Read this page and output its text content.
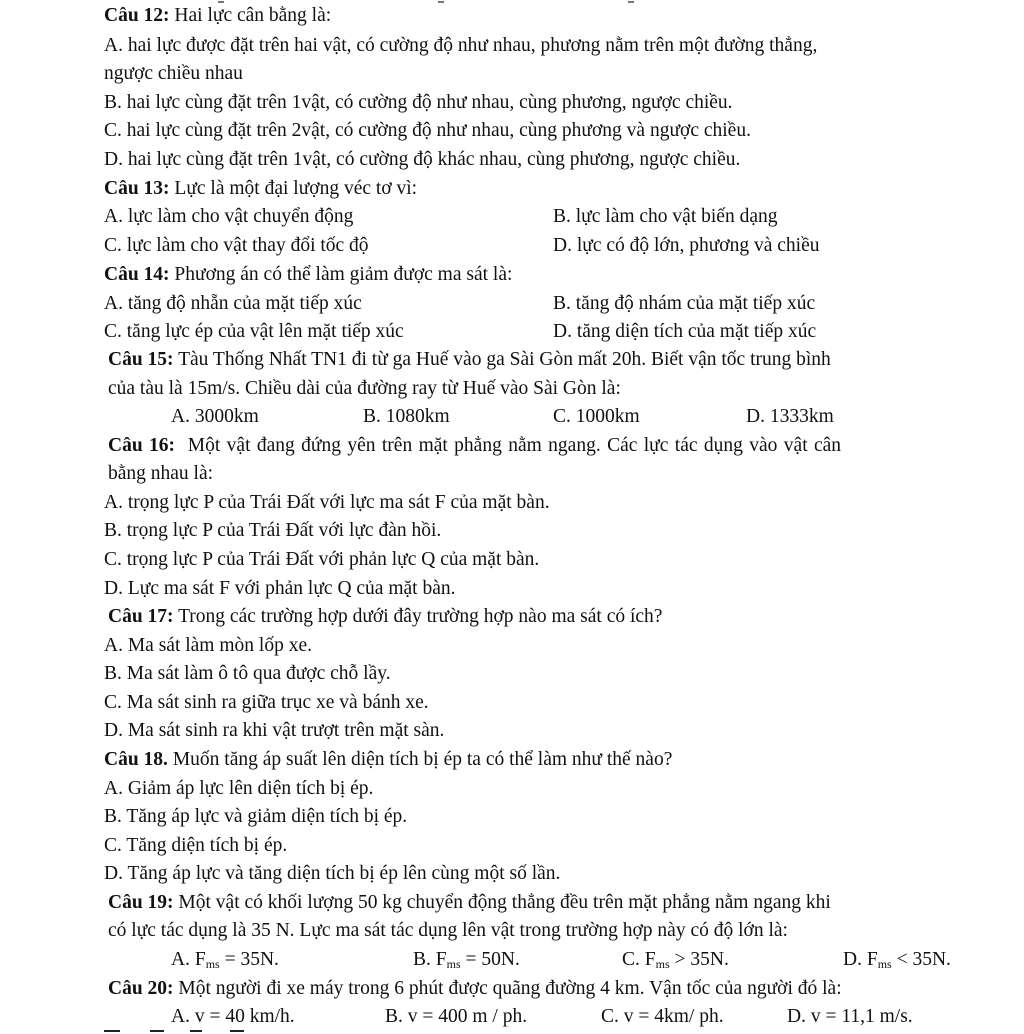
Câu 12: Hai lực cân bằng là:
A. hai lực được đặt trên hai vật, có cường độ như nhau, phương nằm trên một đường thẳng,
ngược chiều nhau
B. hai lực cùng đặt trên 1vật, có cường độ như nhau, cùng phương, ngược chiều.
C. hai lực cùng đặt trên 2vật, có cường độ như nhau, cùng phương và ngược chiều.
D. hai lực cùng đặt trên 1vật, có cường độ khác nhau, cùng phương, ngược chiều.
Câu 13: Lực là một đại lượng véc tơ vì:
A. lực làm cho vật chuyển động	B. lực làm cho vật biến dạng
C. lực làm cho vật thay đổi tốc độ	D. lực có độ lớn, phương và chiều
Câu 14: Phương án có thể làm giảm được ma sát là:
A. tăng độ nhẵn của mặt tiếp xúc	B. tăng độ nhám của mặt tiếp xúc
C. tăng lực ép của vật lên mặt tiếp xúc	D. tăng diện tích của mặt tiếp xúc
Câu 15: Tàu Thống Nhất TN1 đi từ ga Huế vào ga Sài Gòn mất 20h. Biết vận tốc trung bình
của tàu là 15m/s. Chiều dài của đường ray từ Huế vào Sài Gòn là:
A. 3000km	B. 1080km	C. 1000km	D. 1333km
Câu 16: Một vật đang đứng yên trên mặt phẳng nằm ngang. Các lực tác dụng vào vật cân
bằng nhau là:
A. trọng lực P của Trái Đất với lực ma sát F của mặt bàn.
B. trọng lực P của Trái Đất với lực đàn hồi.
C. trọng lực P của Trái Đất với phản lực Q của mặt bàn.
D. Lực ma sát F với phản lực Q của mặt bàn.
Câu 17: Trong các trường hợp dưới đây trường hợp nào ma sát có ích?
A. Ma sát làm mòn lốp xe.
B. Ma sát làm ô tô qua được chỗ lầy.
C. Ma sát sinh ra giữa trục xe và bánh xe.
D. Ma sát sinh ra khi vật trượt trên mặt sàn.
Câu 18. Muốn tăng áp suất lên diện tích bị ép ta có thể làm như thế nào?
A. Giảm áp lực lên diện tích bị ép.
B. Tăng áp lực và giảm diện tích bị ép.
C. Tăng diện tích bị ép.
D. Tăng áp lực và tăng diện tích bị ép lên cùng một số lần.
Câu 19: Một vật có khối lượng 50 kg chuyển động thẳng đều trên mặt phẳng nằm ngang khi
có lực tác dụng là 35 N. Lực ma sát tác dụng lên vật trong trường hợp này có độ lớn là:
A. $F_{ms} = 35N$.	B. $F_{ms} = 50N$.	C. $F_{ms} > 35N$.	D. $F_{ms} < 35N$.
Câu 20: Một người đi xe máy trong 6 phút được quãng đường 4 km. Vận tốc của người đó là:
A. v = 40 km/h.	B. v = 400 m / ph.	C. v = 4km/ ph.	D. v = 11,1 m/s.
